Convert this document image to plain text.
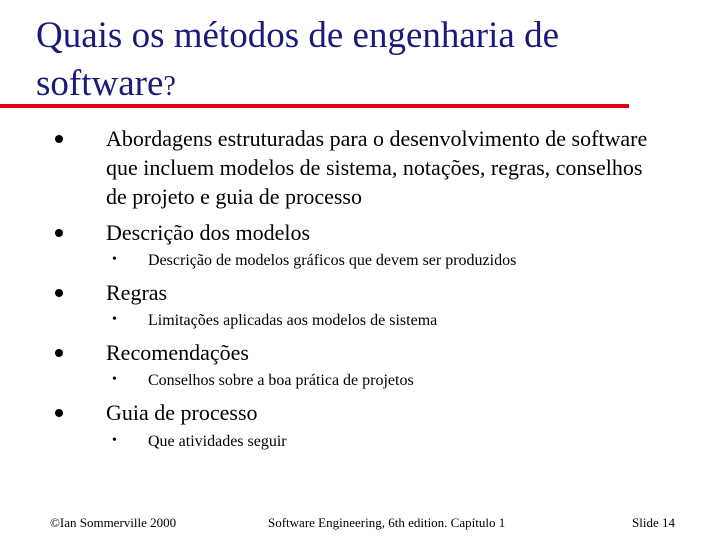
Quais os métodos de engenharia de software?
Abordagens estruturadas para o desenvolvimento de software que incluem modelos de sistema, notações, regras, conselhos de projeto e guia de processo
Descrição dos modelos
• Descrição de modelos gráficos que devem ser produzidos
Regras
• Limitações aplicadas aos modelos de sistema
Recomendações
• Conselhos sobre a boa prática de projetos
Guia de processo
• Que atividades seguir
©Ian Sommerville 2000	Software Engineering, 6th edition. Capítulo 1	Slide 14
